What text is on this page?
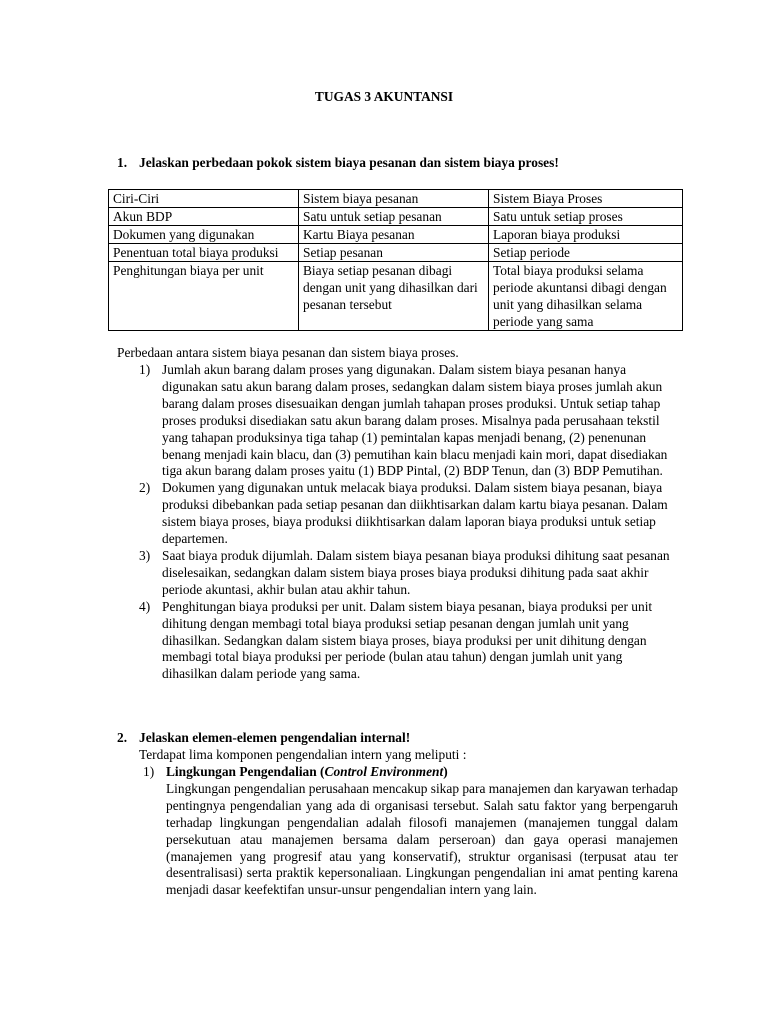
TUGAS 3 AKUNTANSI
1. Jelaskan perbedaan pokok sistem biaya pesanan dan sistem biaya proses!
Ciri-Ciri	Sistem biaya pesanan	Sistem Biaya Proses
Akun BDP	Satu untuk setiap pesanan	Satu untuk setiap proses
Dokumen yang digunakan	Kartu Biaya pesanan	Laporan biaya produksi
Penentuan total biaya produksi	Setiap pesanan	Setiap periode
Penghitungan biaya per unit	Biaya setiap pesanan dibagi dengan unit yang dihasilkan dari pesanan tersebut	Total biaya produksi selama periode akuntansi dibagi dengan unit yang dihasilkan selama periode yang sama
Perbedaan antara sistem biaya pesanan dan sistem biaya proses.
1) Jumlah akun barang dalam proses yang digunakan. Dalam sistem biaya pesanan hanya digunakan satu akun barang dalam proses, sedangkan dalam sistem biaya proses jumlah akun barang dalam proses disesuaikan dengan jumlah tahapan proses produksi. Untuk setiap tahap proses produksi disediakan satu akun barang dalam proses. Misalnya pada perusahaan tekstil yang tahapan produksinya tiga tahap (1) pemintalan kapas menjadi benang, (2) penenunan benang menjadi kain blacu, dan (3) pemutihan kain blacu menjadi kain mori, dapat disediakan tiga akun barang dalam proses yaitu (1) BDP Pintal, (2) BDP Tenun, dan (3) BDP Pemutihan.
2) Dokumen yang digunakan untuk melacak biaya produksi. Dalam sistem biaya pesanan, biaya produksi dibebankan pada setiap pesanan dan diikhtisarkan dalam kartu biaya pesanan. Dalam sistem biaya proses, biaya produksi diikhtisarkan dalam laporan biaya produksi untuk setiap departemen.
3) Saat biaya produk dijumlah. Dalam sistem biaya pesanan biaya produksi dihitung saat pesanan diselesaikan, sedangkan dalam sistem biaya proses biaya produksi dihitung pada saat akhir periode akuntasi, akhir bulan atau akhir tahun.
4) Penghitungan biaya produksi per unit. Dalam sistem biaya pesanan, biaya produksi per unit dihitung dengan membagi total biaya produksi setiap pesanan dengan jumlah unit yang dihasilkan. Sedangkan dalam sistem biaya proses, biaya produksi per unit dihitung dengan membagi total biaya produksi per periode (bulan atau tahun) dengan jumlah unit yang dihasilkan dalam periode yang sama.
2. Jelaskan elemen-elemen pengendalian internal!
Terdapat lima komponen pengendalian intern yang meliputi :
1) Lingkungan Pengendalian (Control Environment)
Lingkungan pengendalian perusahaan mencakup sikap para manajemen dan karyawan terhadap pentingnya pengendalian yang ada di organisasi tersebut. Salah satu faktor yang berpengaruh terhadap lingkungan pengendalian adalah filosofi manajemen (manajemen tunggal dalam persekutuan atau manajemen bersama dalam perseroan) dan gaya operasi manajemen (manajemen yang progresif atau yang konservatif), struktur organisasi (terpusat atau ter desentralisasi) serta praktik kepersonaliaan. Lingkungan pengendalian ini amat penting karena menjadi dasar keefektifan unsur-unsur pengendalian intern yang lain.
